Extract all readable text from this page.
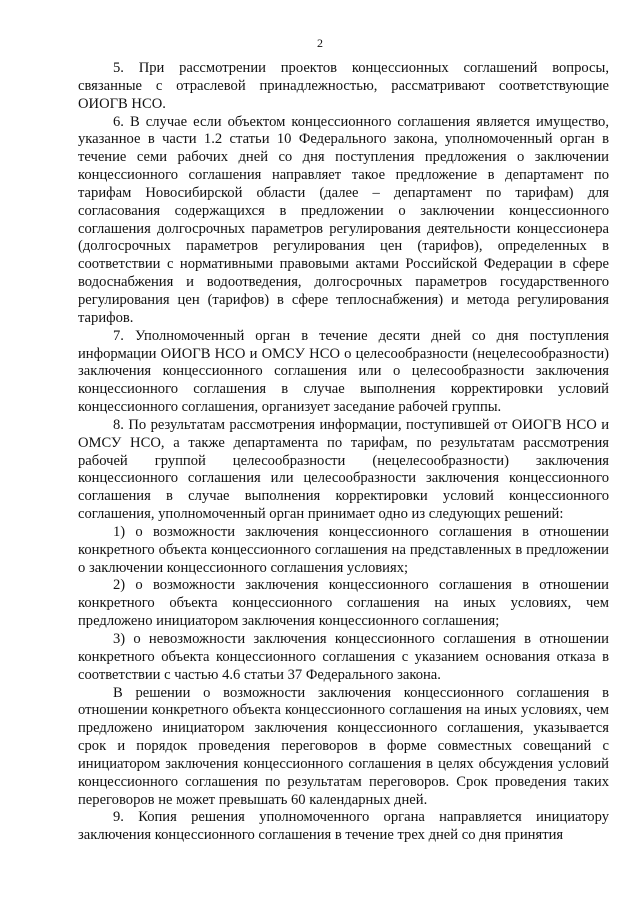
2

5. При рассмотрении проектов концессионных соглашений вопросы, связанные с отраслевой принадлежностью, рассматривают соответствующие ОИОГВ НСО.

6. В случае если объектом концессионного соглашения является имущество, указанное в части 1.2 статьи 10 Федерального закона, уполномоченный орган в течение семи рабочих дней со дня поступления предложения о заключении концессионного соглашения направляет такое предложение в департамент по тарифам Новосибирской области (далее – департамент по тарифам) для согласования содержащихся в предложении о заключении концессионного соглашения долгосрочных параметров регулирования деятельности концессионера (долгосрочных параметров регулирования цен (тарифов), определенных в соответствии с нормативными правовыми актами Российской Федерации в сфере водоснабжения и водоотведения, долгосрочных параметров государственного регулирования цен (тарифов) в сфере теплоснабжения) и метода регулирования тарифов.

7. Уполномоченный орган в течение десяти дней со дня поступления информации ОИОГВ НСО и ОМСУ НСО о целесообразности (нецелесообразности) заключения концессионного соглашения или о целесообразности заключения концессионного соглашения в случае выполнения корректировки условий концессионного соглашения, организует заседание рабочей группы.

8. По результатам рассмотрения информации, поступившей от ОИОГВ НСО и ОМСУ НСО, а также департамента по тарифам, по результатам рассмотрения рабочей группой целесообразности (нецелесообразности) заключения концессионного соглашения или целесообразности заключения концессионного соглашения в случае выполнения корректировки условий концессионного соглашения, уполномоченный орган принимает одно из следующих решений:

1) о возможности заключения концессионного соглашения в отношении конкретного объекта концессионного соглашения на представленных в предложении о заключении концессионного соглашения условиях;

2) о возможности заключения концессионного соглашения в отношении конкретного объекта концессионного соглашения на иных условиях, чем предложено инициатором заключения концессионного соглашения;

3) о невозможности заключения концессионного соглашения в отношении конкретного объекта концессионного соглашения с указанием основания отказа в соответствии с частью 4.6 статьи 37 Федерального закона.

В решении о возможности заключения концессионного соглашения в отношении конкретного объекта концессионного соглашения на иных условиях, чем предложено инициатором заключения концессионного соглашения, указывается срок и порядок проведения переговоров в форме совместных совещаний с инициатором заключения концессионного соглашения в целях обсуждения условий концессионного соглашения по результатам переговоров. Срок проведения таких переговоров не может превышать 60 календарных дней.

9. Копия решения уполномоченного органа направляется инициатору заключения концессионного соглашения в течение трех дней со дня принятия
